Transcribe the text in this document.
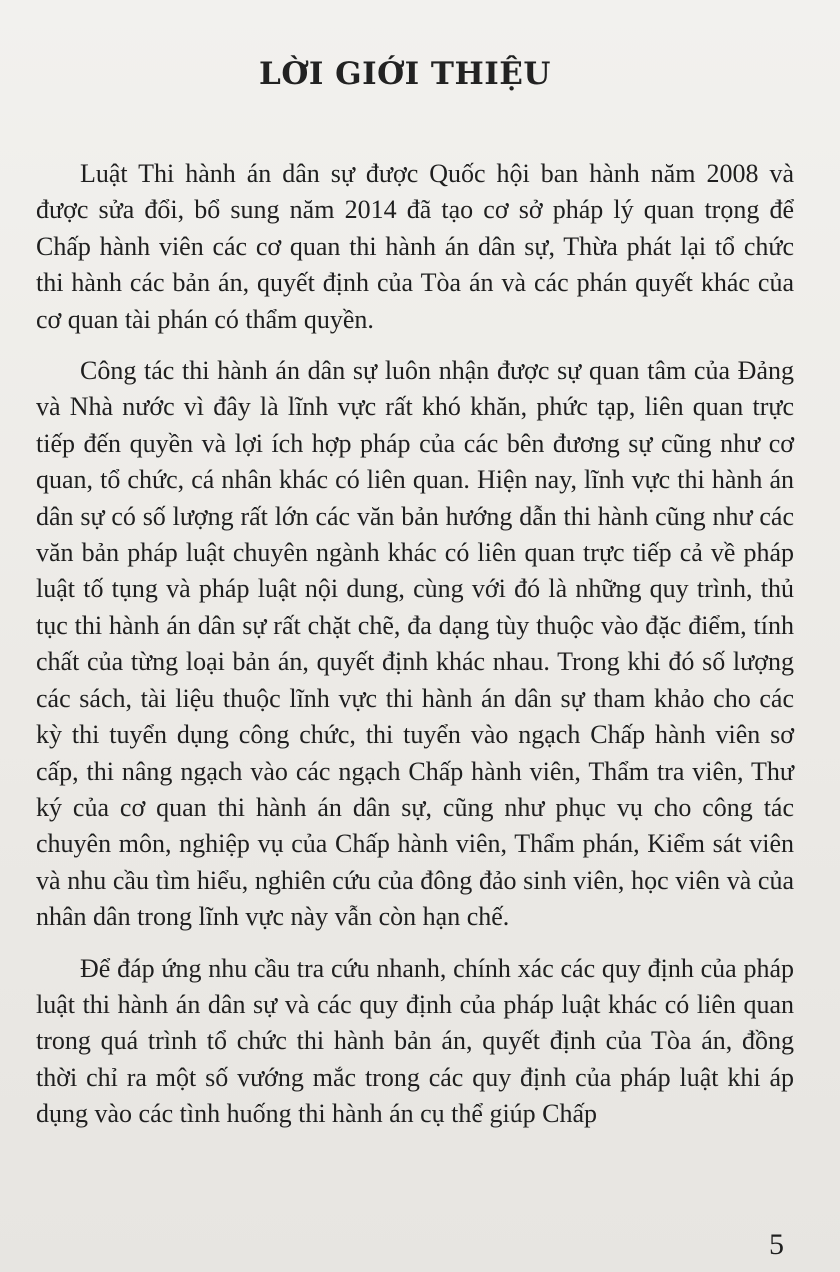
LỜI GIỚI THIỆU

Luật Thi hành án dân sự được Quốc hội ban hành năm 2008 và được sửa đổi, bổ sung năm 2014 đã tạo cơ sở pháp lý quan trọng để Chấp hành viên các cơ quan thi hành án dân sự, Thừa phát lại tổ chức thi hành các bản án, quyết định của Tòa án và các phán quyết khác của cơ quan tài phán có thẩm quyền.

Công tác thi hành án dân sự luôn nhận được sự quan tâm của Đảng và Nhà nước vì đây là lĩnh vực rất khó khăn, phức tạp, liên quan trực tiếp đến quyền và lợi ích hợp pháp của các bên đương sự cũng như cơ quan, tổ chức, cá nhân khác có liên quan. Hiện nay, lĩnh vực thi hành án dân sự có số lượng rất lớn các văn bản hướng dẫn thi hành cũng như các văn bản pháp luật chuyên ngành khác có liên quan trực tiếp cả về pháp luật tố tụng và pháp luật nội dung, cùng với đó là những quy trình, thủ tục thi hành án dân sự rất chặt chẽ, đa dạng tùy thuộc vào đặc điểm, tính chất của từng loại bản án, quyết định khác nhau. Trong khi đó số lượng các sách, tài liệu thuộc lĩnh vực thi hành án dân sự tham khảo cho các kỳ thi tuyển dụng công chức, thi tuyển vào ngạch Chấp hành viên sơ cấp, thi nâng ngạch vào các ngạch Chấp hành viên, Thẩm tra viên, Thư ký của cơ quan thi hành án dân sự, cũng như phục vụ cho công tác chuyên môn, nghiệp vụ của Chấp hành viên, Thẩm phán, Kiểm sát viên và nhu cầu tìm hiểu, nghiên cứu của đông đảo sinh viên, học viên và của nhân dân trong lĩnh vực này vẫn còn hạn chế.

Để đáp ứng nhu cầu tra cứu nhanh, chính xác các quy định của pháp luật thi hành án dân sự và các quy định của pháp luật khác có liên quan trong quá trình tổ chức thi hành bản án, quyết định của Tòa án, đồng thời chỉ ra một số vướng mắc trong các quy định của pháp luật khi áp dụng vào các tình huống thi hành án cụ thể giúp Chấp

5
